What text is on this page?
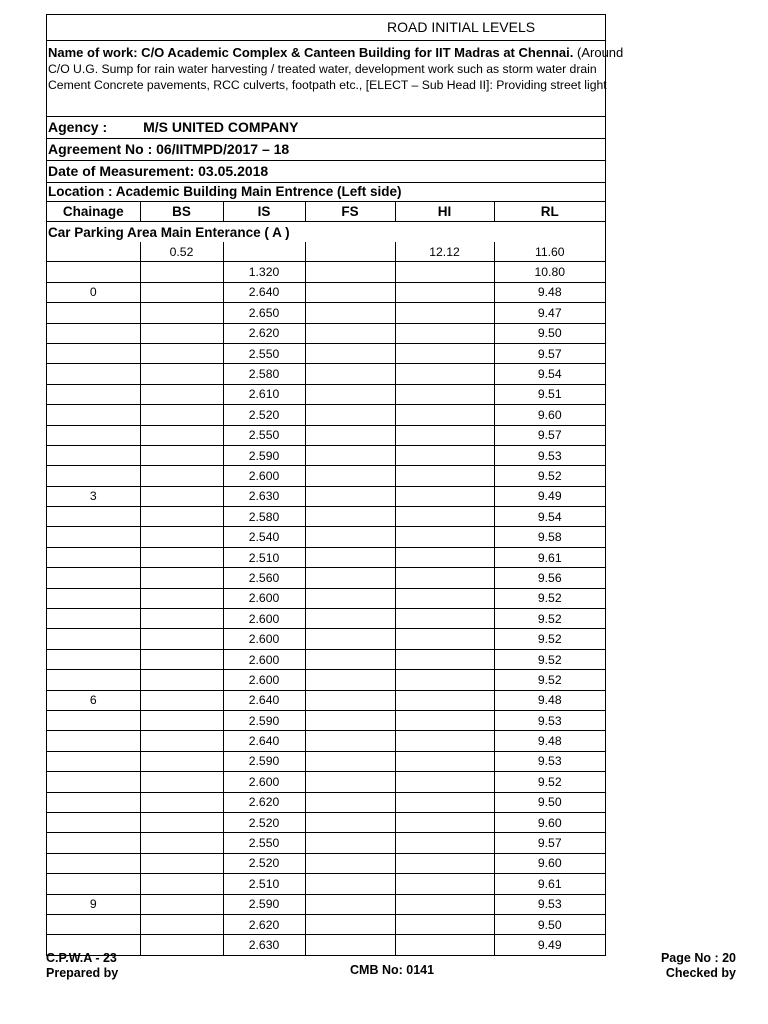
ROAD INITIAL LEVELS
Name of work: C/O Academic Complex & Canteen Building for IIT Madras at Chennai. (Around
C/O U.G. Sump for rain water harvesting / treated water, development work such as storm water drain
Cement Concrete pavements, RCC culverts, footpath etc., [ELECT – Sub Head II]: Providing street light
Agency :	M/S UNITED COMPANY
Agreement No : 06/IITMPD/2017 – 18
Date of Measurement: 03.05.2018
Location : Academic Building Main Entrence (Left side)
Chainage	BS	IS	FS	HI	RL
Car Parking Area Main Enterance ( A )					
	0.52			12.12	11.60
		1.320			10.80
0		2.640			9.48
		2.650			9.47
		2.620			9.50
		2.550			9.57
		2.580			9.54
		2.610			9.51
		2.520			9.60
		2.550			9.57
		2.590			9.53
		2.600			9.52
3		2.630			9.49
		2.580			9.54
		2.540			9.58
		2.510			9.61
		2.560			9.56
		2.600			9.52
		2.600			9.52
		2.600			9.52
		2.600			9.52
		2.600			9.52
6		2.640			9.48
		2.590			9.53
		2.640			9.48
		2.590			9.53
		2.600			9.52
		2.620			9.50
		2.520			9.60
		2.550			9.57
		2.520			9.60
		2.510			9.61
9		2.590			9.53
		2.620			9.50
		2.630			9.49
C.P.W.A - 23
Prepared by	CMB No: 0141
Page No : 20
Checked by
